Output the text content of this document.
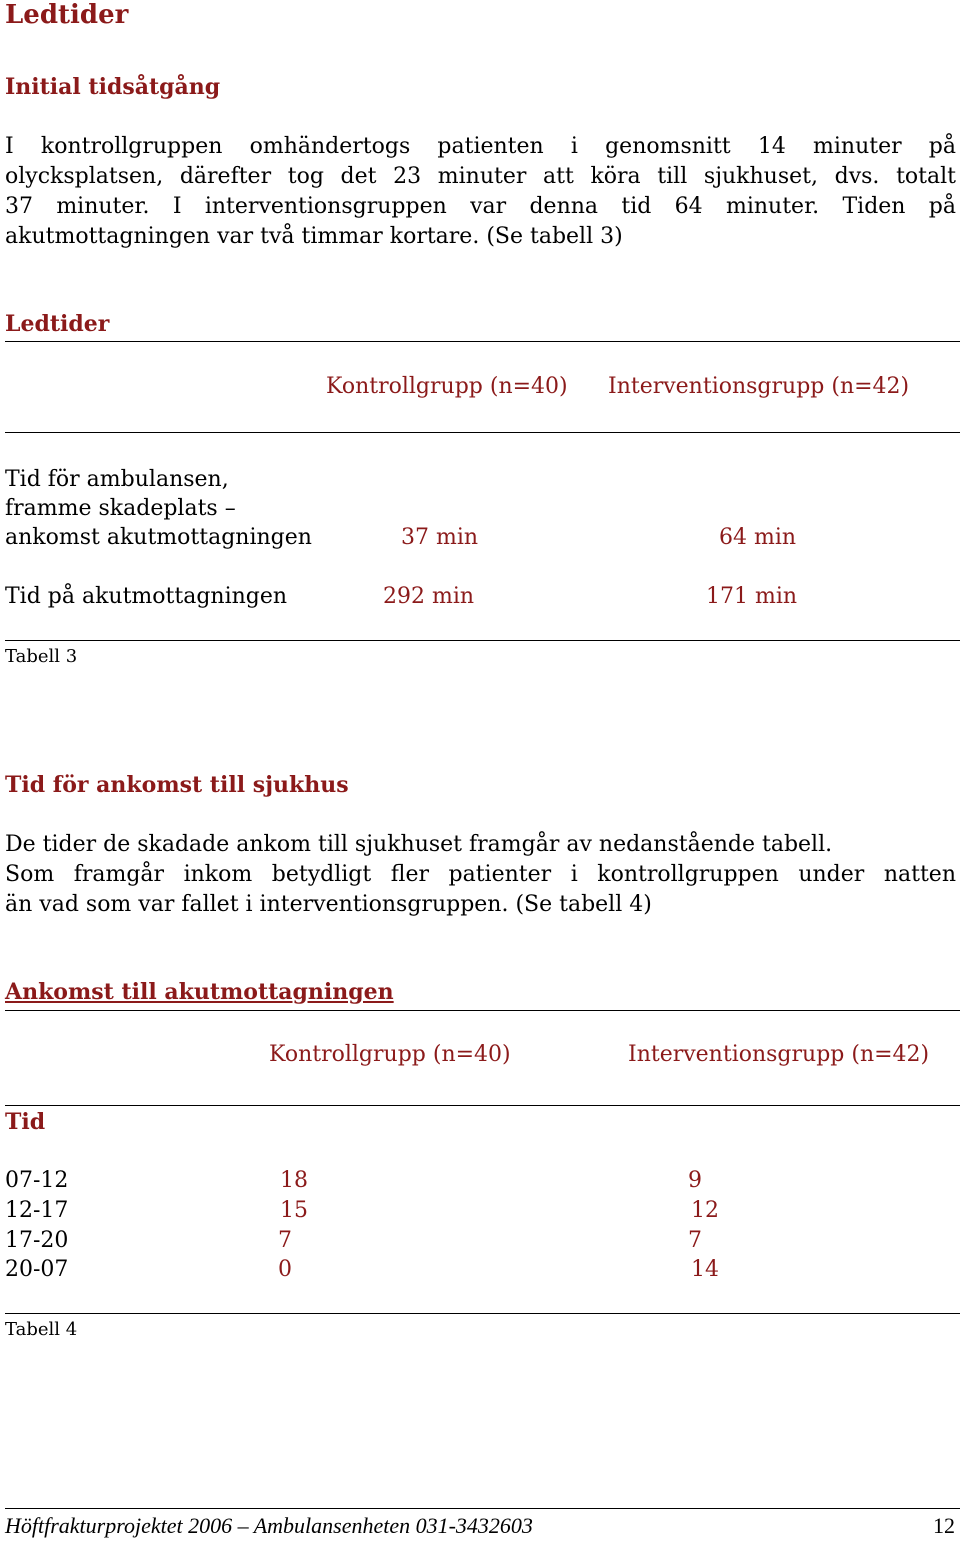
Ledtider
Initial tidsåtgång
I kontrollgruppen omhändertogs patienten i genomsnitt 14 minuter på
olycksplatsen, därefter tog det 23 minuter att köra till sjukhuset, dvs. totalt
37 minuter. I interventionsgruppen var denna tid 64 minuter. Tiden på
akutmottagningen var två timmar kortare. (Se tabell 3)
Ledtider
Kontrollgrupp (n=40) Interventionsgrupp (n=42)
Tid för ambulansen,
framme skadeplats –
ankomst akutmottagningen	37 min	64 min
Tid på akutmottagningen	292 min	171 min
Tabell 3
Tid för ankomst till sjukhus
De tider de skadade ankom till sjukhuset framgår av nedanstående tabell.
Som framgår inkom betydligt fler patienter i kontrollgruppen under natten
än vad som var fallet i interventionsgruppen. (Se tabell 4)
Ankomst till akutmottagningen
Kontrollgrupp (n=40)	Interventionsgrupp (n=42)
Tid
07-12	18	9
12-17	15	12
17-20	7	7
20-07	0	14
Tabell 4
Höftfrakturprojektet 2006 – Ambulansenheten 031-3432603	12
